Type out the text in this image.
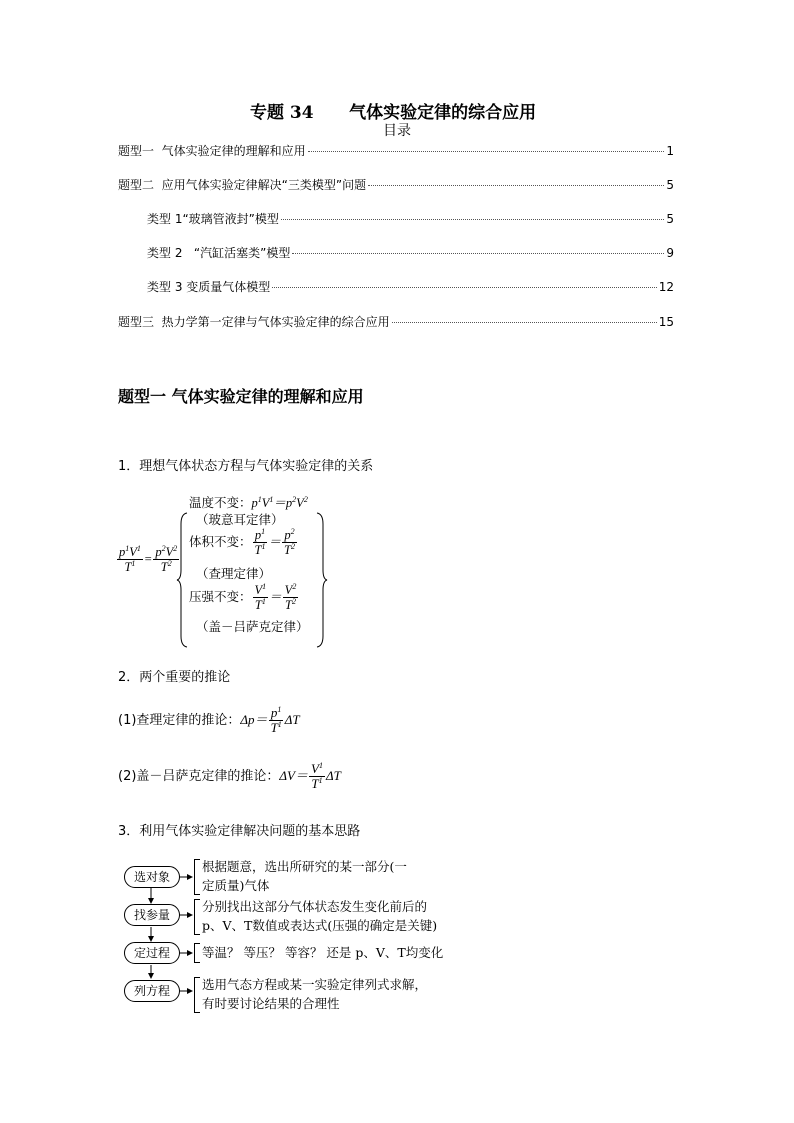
专题 34 气体实验定律的综合应用
目录
题型一  气体实验定律的理解和应用	1
题型二  应用气体实验定律解决“三类模型”问题	5
类型 1“玻璃管液封”模型	5
类型 2   “汽缸活塞类”模型	9
类型 3 变质量气体模型	12
题型三  热力学第一定律与气体实验定律的综合应用	15
题型一 气体实验定律的理解和应用
1．理想气体状态方程与气体实验定律的关系
$\frac{p^1V^1}{T^1} = \frac{p^2V^2}{T^2}$
温度不变：$p^1V^1=p^2V^2$
（玻意耳定律）
体积不变： $\frac{p^1}{T^1} = \frac{p^2}{T^2}$
（查理定律）
压强不变： $\frac{V^1}{T^1} = \frac{V^2}{T^2}$
（盖－吕萨克定律）
2．两个重要的推论
(1)查理定律的推论：$\Delta p= \frac{p^1}{T^1}$ ΔT
(2)盖－吕萨克定律的推论：$\Delta V= \frac{V^1}{T^1}$ ΔT
3．利用气体实验定律解决问题的基本思路
选对象
找参量
定过程
列方程
根据题意，选出所研究的某一部分(一
定质量)气体
分别找出这部分气体状态发生变化前后的
p、V、T数值或表达式(压强的确定是关键)
等温？ 等压？ 等容？ 还是 p、V、T均变化
选用气态方程或某一实验定律列式求解，
有时要讨论结果的合理性
